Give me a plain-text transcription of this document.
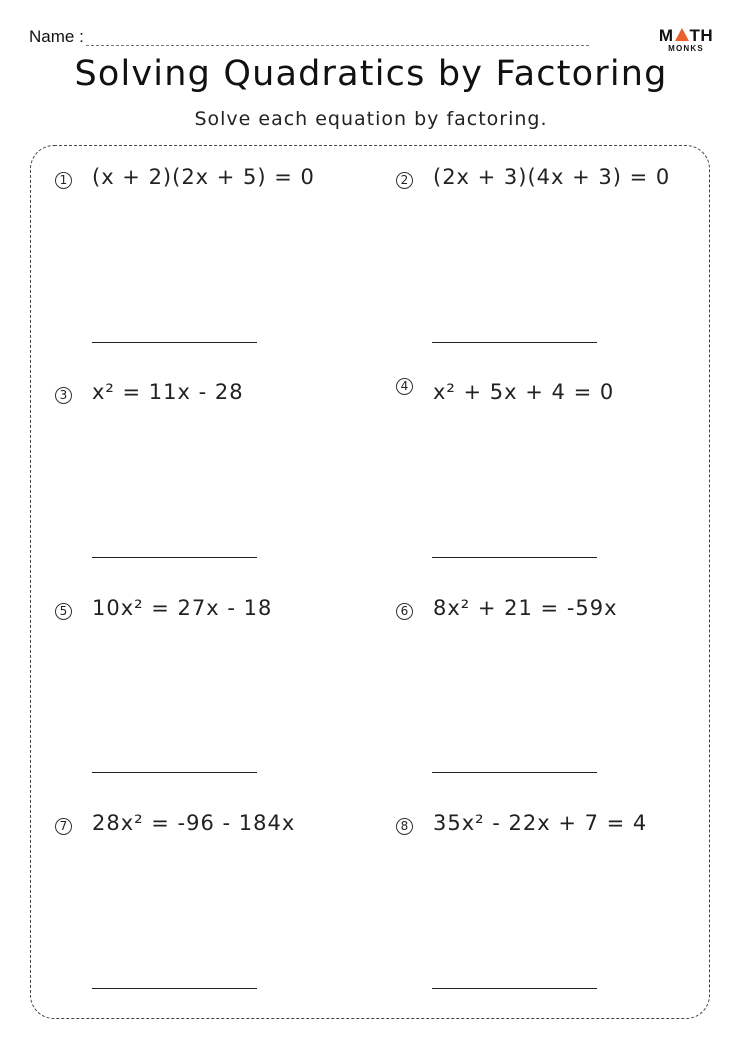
Name :	M TH
MONKS
Solving Quadratics by Factoring
Solve each equation by factoring.
1 (x + 2)(2x + 5) = 0	2 (2x + 3)(4x + 3) = 0
3 x² = 11x - 28	4 x² + 5x + 4 = 0
5 10x² = 27x - 18	6 8x² + 21 = -59x
7 28x² = -96 - 184x	8 35x² - 22x + 7 = 4
